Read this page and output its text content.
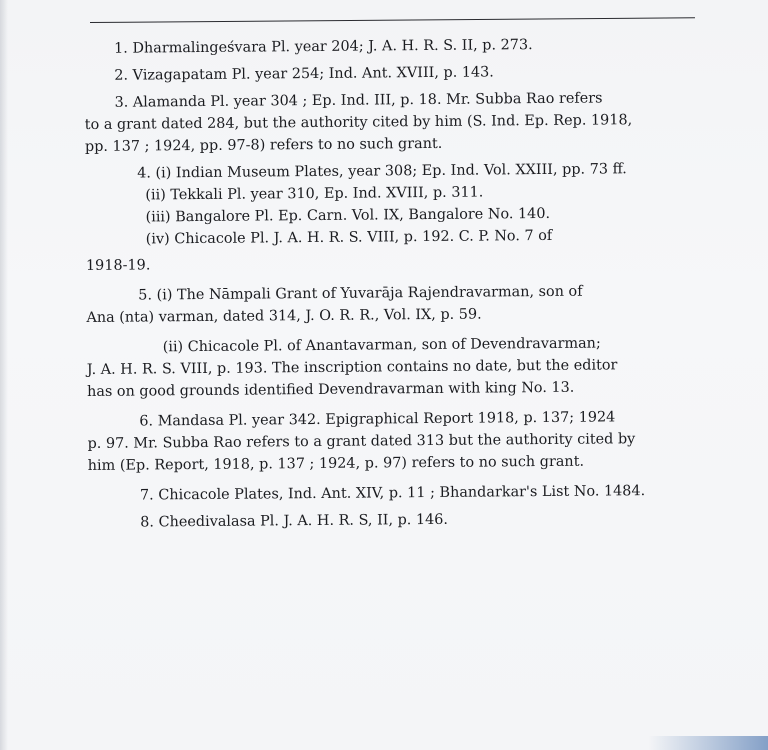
1. Dharmalingeśvara Pl. year 204; J. A. H. R. S. II, p. 273.

2. Vizagapatam Pl. year 254; Ind. Ant. XVIII, p. 143.

3. Alamanda Pl. year 304 ; Ep. Ind. III, p. 18. Mr. Subba Rao refers
to a grant dated 284, but the authority cited by him (S. Ind. Ep. Rep. 1918,
pp. 137 ; 1924, pp. 97-8) refers to no such grant.
4. (i) Indian Museum Plates, year 308; Ep. Ind. Vol. XXIII, pp. 73 ff.
(ii) Tekkali Pl. year 310, Ep. Ind. XVIII, p. 311.
(iii) Bangalore Pl. Ep. Carn. Vol. IX, Bangalore No. 140.
(iv) Chicacole Pl. J. A. H. R. S. VIII, p. 192. C. P. No. 7 of
1918-19.
5. (i) The Nāmpali Grant of Yuvarāja Rajendravarman, son of
Ana (nta) varman, dated 314, J. O. R. R., Vol. IX, p. 59.
(ii) Chicacole Pl. of Anantavarman, son of Devendravarman;
J. A. H. R. S. VIII, p. 193. The inscription contains no date, but the editor
has on good grounds identified Devendravarman with king No. 13.
6. Mandasa Pl. year 342. Epigraphical Report 1918, p. 137; 1924
p. 97. Mr. Subba Rao refers to a grant dated 313 but the authority cited by
him (Ep. Report, 1918, p. 137 ; 1924, p. 97) refers to no such grant.

7. Chicacole Plates, Ind. Ant. XIV, p. 11 ; Bhandarkar's List No. 1484.

8. Cheedivalasa Pl. J. A. H. R. S, II, p. 146.
